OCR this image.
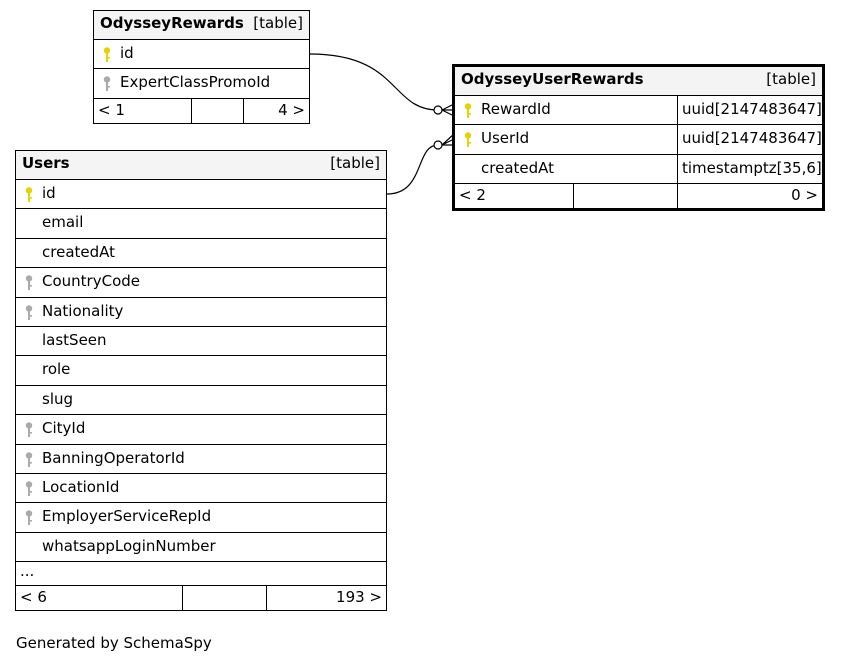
OdysseyRewards [table]
id
ExpertClassPromoId
< 1	4 >
Users	[table]
id
email
createdAt
CountryCode
Nationality
lastSeen
role
slug
CityId
BanningOperatorId
LocationId
EmployerServiceRepId
whatsappLoginNumber
...
< 6	193 >
OdysseyUserRewards	[table]
RewardId	uuid[2147483647]
UserId	uuid[2147483647]
createdAt	timestamptz[35,6]
< 2	0 >
Generated by SchemaSpy
